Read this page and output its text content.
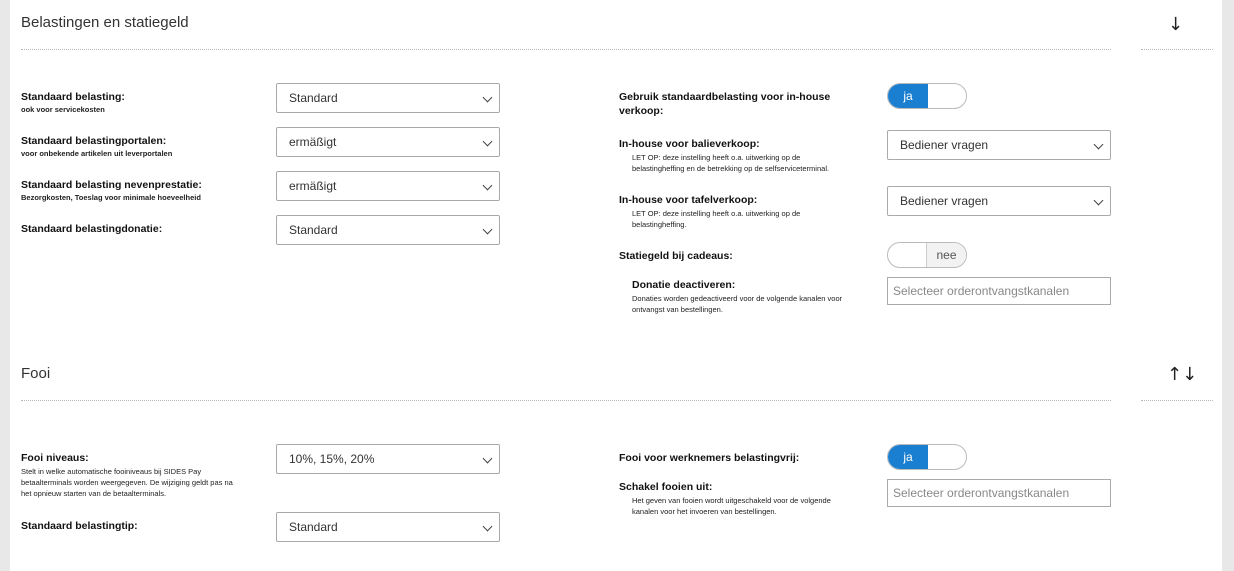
Belastingen en statiegeld	↓
Standaard belasting:
ook voor servicekosten
Standard
Standaard belastingportalen:
voor onbekende artikelen uit leverportalen
ermäßigt
Standaard belasting nevenprestatie:
Bezorgkosten, Toeslag voor minimale hoeveelheid
ermäßigt
Standaard belastingdonatie:	Standard
Gebruik standaardbelasting voor in-house
verkoop:
ja
In-house voor balieverkoop:
LET OP: deze instelling heeft o.a. uitwerking op de
belastingheffing en de betrekking op de selfserviceterminal.
Bediener vragen
In-house voor tafelverkoop:
LET OP: deze instelling heeft o.a. uitwerking op de
belastingheffing.
Bediener vragen
Statiegeld bij cadeaus:	nee
Donatie deactiveren:
Donaties worden gedeactiveerd voor de volgende kanalen voor
ontvangst van bestellingen.
Selecteer orderontvangstkanalen
Fooi	↑↓
Fooi niveaus:
Stelt in welke automatische fooiniveaus bij SIDES Pay
betaalterminals worden weergegeven. De wijziging geldt pas na
het opnieuw starten van de betaalterminals.
10%, 15%, 20%
Standaard belastingtip:	Standard
Fooi voor werknemers belastingvrij:	ja
Schakel fooien uit:
Het geven van fooien wordt uitgeschakeld voor de volgende
kanalen voor het invoeren van bestellingen.
Selecteer orderontvangstkanalen
